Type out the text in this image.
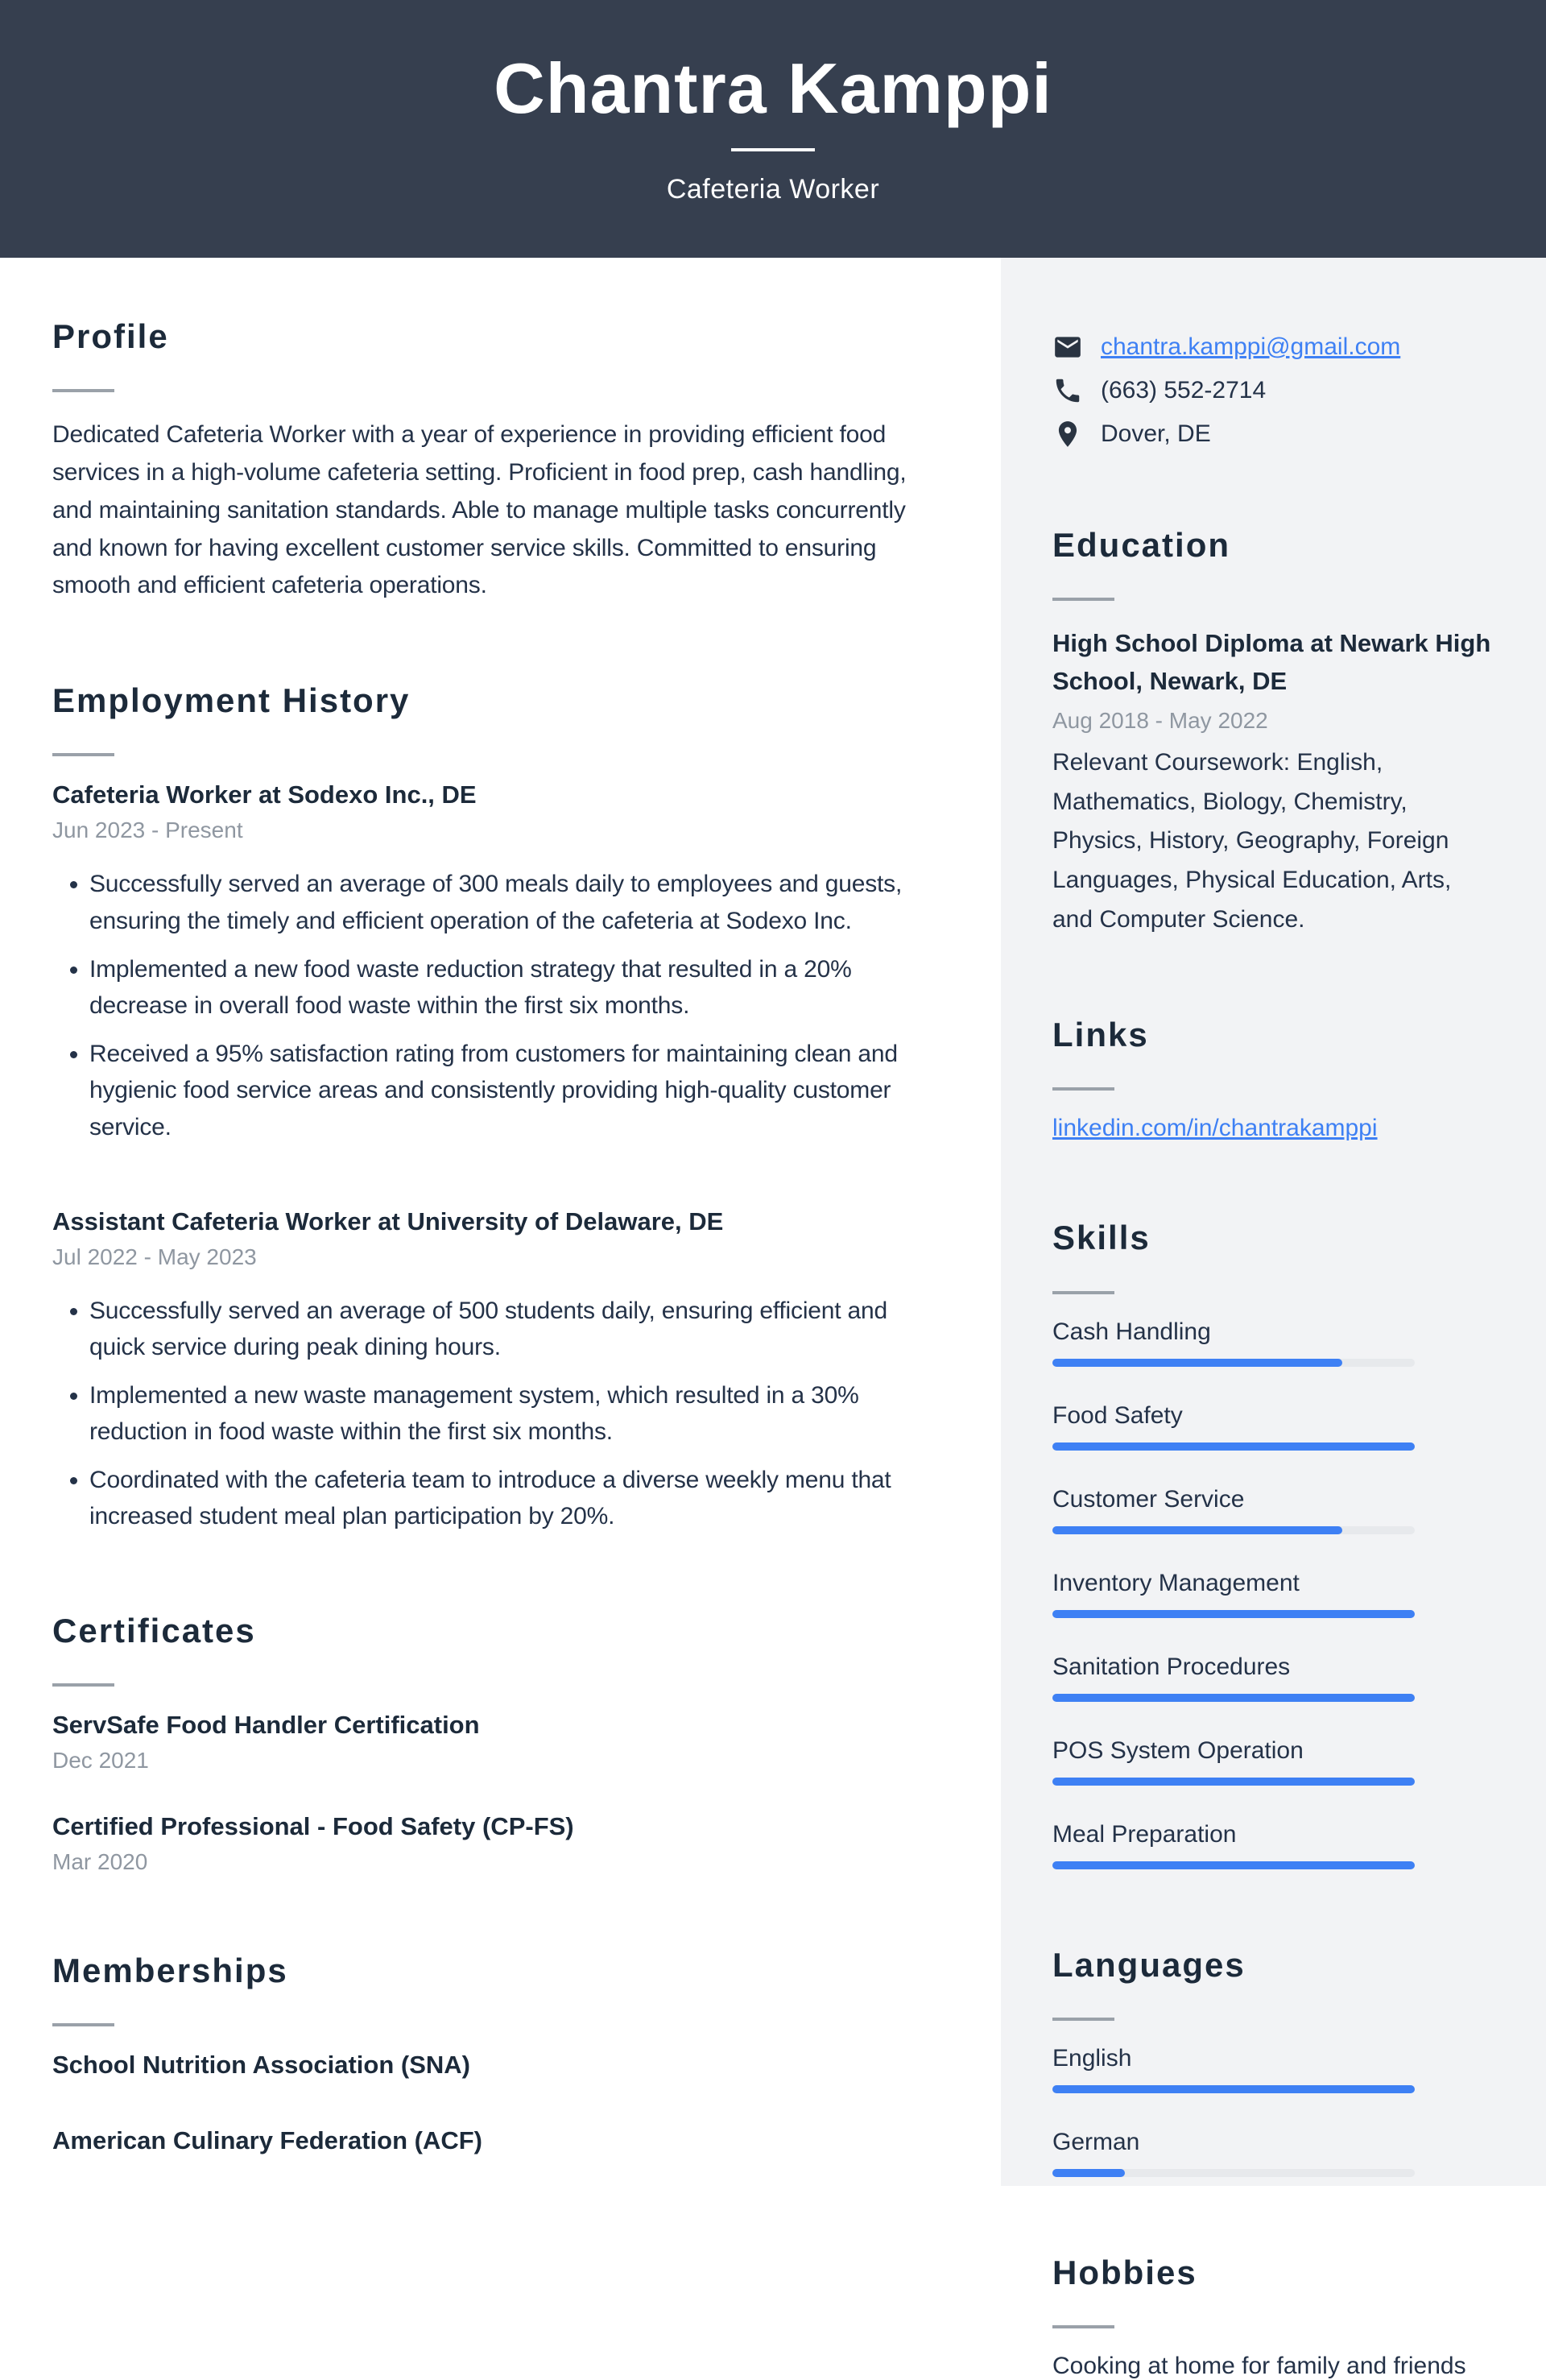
Chantra Kamppi
Cafeteria Worker
Profile

Dedicated Cafeteria Worker with a year of experience in providing efficient food services in a high-volume cafeteria setting. Proficient in food prep, cash handling, and maintaining sanitation standards. Able to manage multiple tasks concurrently and known for having excellent customer service skills. Committed to ensuring smooth and efficient cafeteria operations.

Employment History
Cafeteria Worker at Sodexo Inc., DE
Jun 2023 - Present
• Successfully served an average of 300 meals daily to employees and guests, ensuring the timely and efficient operation of the cafeteria at Sodexo Inc.
• Implemented a new food waste reduction strategy that resulted in a 20% decrease in overall food waste within the first six months.
• Received a 95% satisfaction rating from customers for maintaining clean and hygienic food service areas and consistently providing high-quality customer service.
Assistant Cafeteria Worker at University of Delaware, DE
Jul 2022 - May 2023
• Successfully served an average of 500 students daily, ensuring efficient and quick service during peak dining hours.
• Implemented a new waste management system, which resulted in a 30% reduction in food waste within the first six months.
• Coordinated with the cafeteria team to introduce a diverse weekly menu that increased student meal plan participation by 20%.
Certificates
ServSafe Food Handler Certification
Dec 2021
Certified Professional - Food Safety (CP-FS)
Mar 2020
Memberships
School Nutrition Association (SNA)
American Culinary Federation (ACF)
chantra.kamppi@gmail.com
(663) 552-2714
Dover, DE
Education
High School Diploma at Newark High School, Newark, DE
Aug 2018 - May 2022

Relevant Coursework: English, Mathematics, Biology, Chemistry, Physics, History, Geography, Foreign Languages, Physical Education, Arts, and Computer Science.

Links
linkedin.com/in/chantrakamppi
Skills
Cash Handling
Food Safety
Customer Service
Inventory Management
Sanitation Procedures
POS System Operation
Meal Preparation
Languages
English
German
Hobbies

Cooking at home for family and friends
